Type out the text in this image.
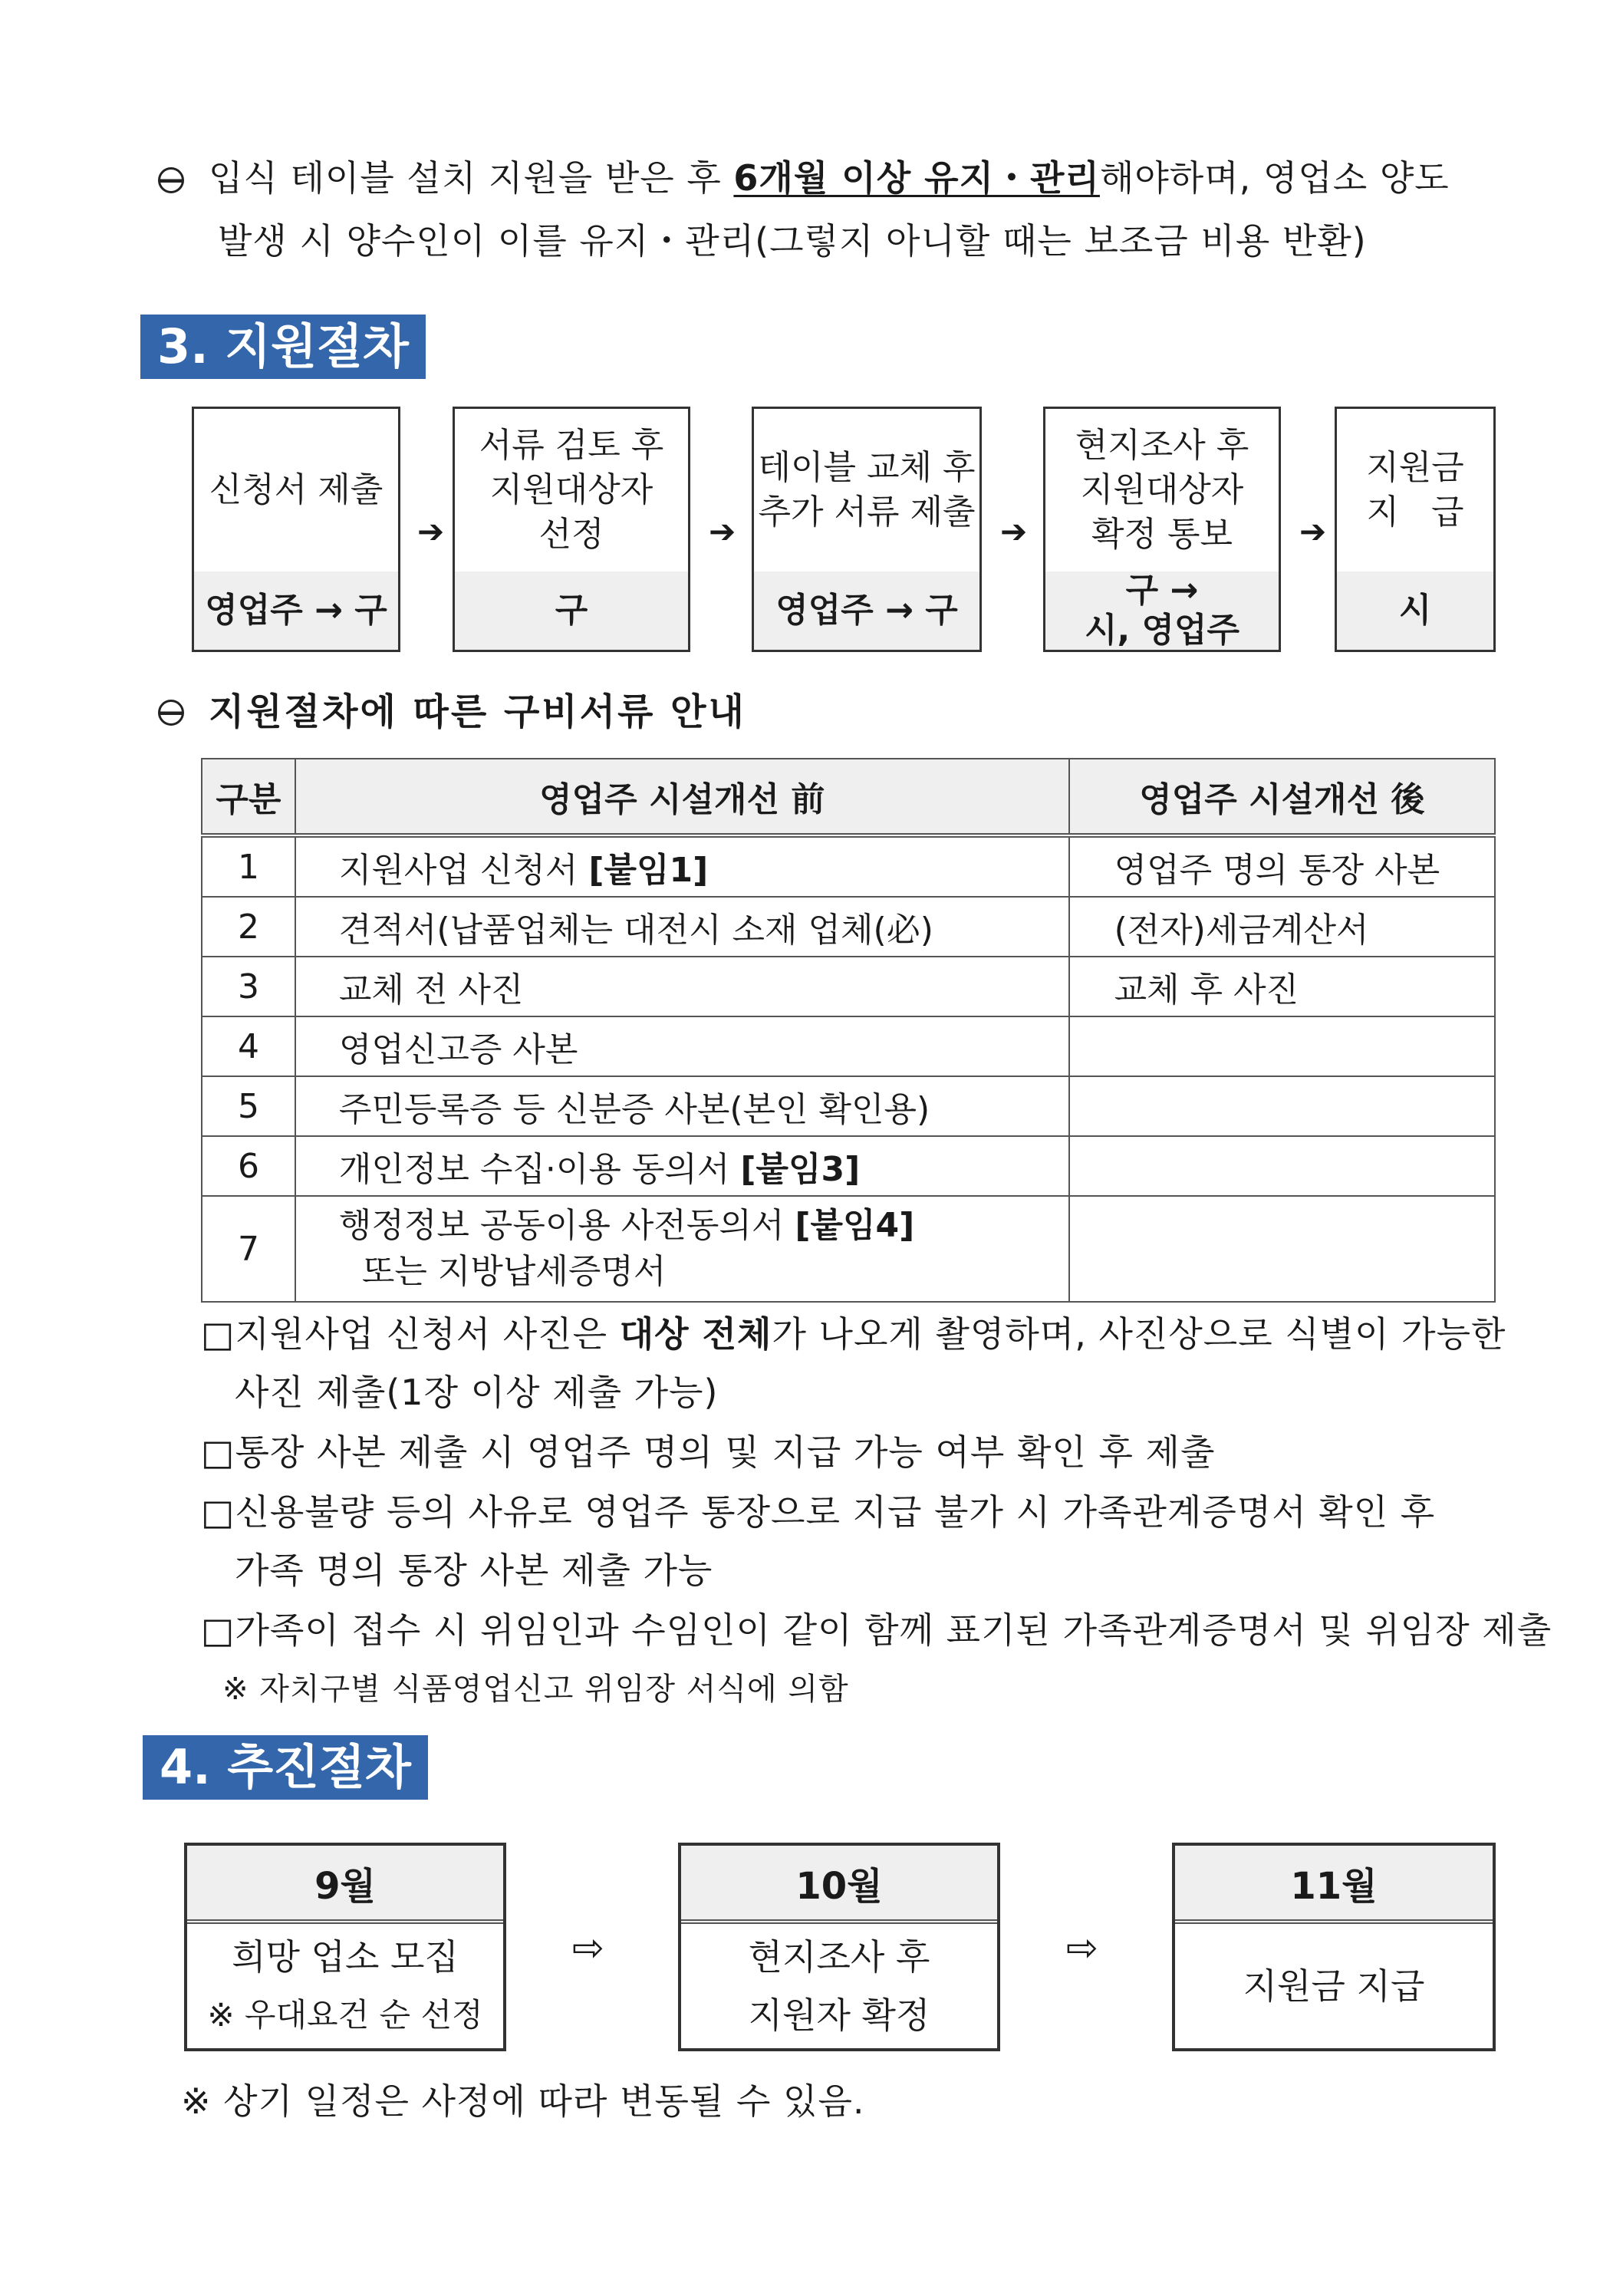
입식 테이블 설치 지원을 받은 후 6개월 이상 유지・관리해야하며, 영업소 양도
발생 시 양수인이 이를 유지・관리(그렇지 아니할 때는 보조금 비용 반환)
3. 지원절차
신청서 제출
영업주 → 구
➔
서류 검토 후
지원대상자
선정
구
➔
테이블 교체 후
추가 서류 제출
영업주 → 구
➔
현지조사 후
지원대상자
확정 통보
구 →
시, 영업주
➔
지원금
지   급
시
지원절차에 따른 구비서류 안내
구분	영업주 시설개선 前	영업주 시설개선 後
1	지원사업 신청서 [붙임1]	영업주 명의 통장 사본
2	견적서(납품업체는 대전시 소재 업체(必)	(전자)세금계산서
3	교체 전 사진	교체 후 사진
4	영업신고증 사본	
5	주민등록증 등 신분증 사본(본인 확인용)	
6	개인정보 수집·이용 동의서 [붙임3]	
7	행정정보 공동이용 사전동의서 [붙임4]
또는 지방납세증명서	

□지원사업 신청서 사진은 대상 전체가 나오게 촬영하며, 사진상으로 식별이 가능한
사진 제출(1장 이상 제출 가능)
□통장 사본 제출 시 영업주 명의 및 지급 가능 여부 확인 후 제출
□신용불량 등의 사유로 영업주 통장으로 지급 불가 시 가족관계증명서 확인 후
가족 명의 통장 사본 제출 가능
□가족이 접수 시 위임인과 수임인이 같이 함께 표기된 가족관계증명서 및 위임장 제출
※ 자치구별 식품영업신고 위임장 서식에 의함
4. 추진절차
9월
희망 업소 모집
※ 우대요건 순 선정
⇨
10월
현지조사 후
지원자 확정
⇨
11월
지원금 지급
※ 상기 일정은 사정에 따라 변동될 수 있음.
